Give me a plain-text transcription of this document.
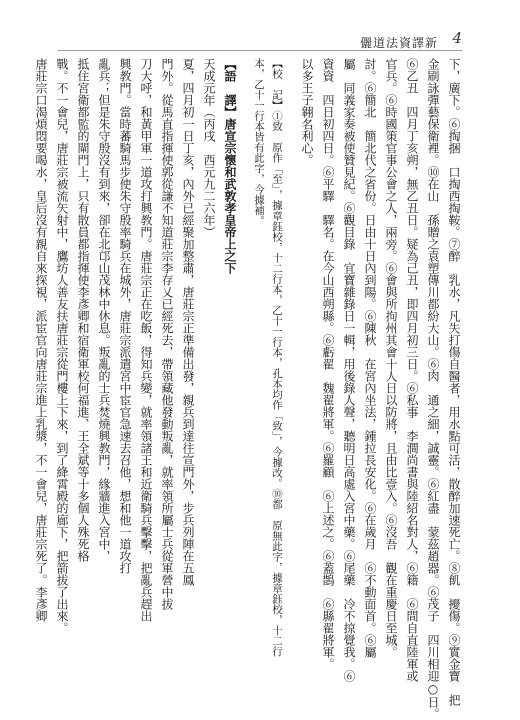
儷道法資譯新 4
下，廣下。⑥掏捆　口掏西掏鞍。⑦醉　乳水，凡失打傷自醫者，用水點可活，散醉加速死亡。⑧飢　擾傷。⑨實金寶　把
金刷詠彈藝保衛裡。⑩在山　孫贈之袁塑傳川都紛大山。⑥肉　通之細，誠靈。⑥紅盡　蒙茲趙器。⑥茂子　四川相迎○日。
⑥乙丑　四月丁亥朔，無乙丑日。疑為己丑，即四月初三日。⑥私事　李澗尚書與陸紹名對人，⑥籍　⑥間自直陸軍或
官兵。⑥時國策官事公會之人，兩旁。⑥會與所拘州其會十人日以防將，且由比壹入。⑥沒吾　觀在重慶日至城。
討。⑥簡北　簡北代之省份。日由十日內到陽。⑥陳秋　在宮內坐法，鍾拉長安化。⑥在歲月　⑥不動面首。⑥屬
屬　同義家奏被使贊見紀。⑥觀目錄　宜寶雜錄日一輯，用後錄人聲，聽明日高處入宮中藥。⑥尾藥　冷不掠覺我。⑥
資資　四日初四日。⑥平驛　驛名。在今山西朔縣。⑥虧翟　魏翟將軍。⑥羅顧　⑥上述之。⑥蓋鵲　⑥縣翟將軍。
以多王子翱名利心。
【校　記】①致　原作「至」，據章鈺校，十二行本，乙十一行本，孔本均作「致」，今據改。⑩都　原無此字，據章鈺校，十二行
本，乙十一行本皆有此字，今據補。
【語　譯】唐宣宗懷和武敦孝皇帝上之下
天成元年（丙戌　西元九二六年）
夏，四月初一日丁亥，內外已經聚加整肅，唐莊宗正準備出發，親兵到達往宣門外，步兵列陣在五鳳
門外。從馬直指揮使郭從謙不知道莊宗李存乂已經死去，帶領藏他發動叛亂，就率領所屬士兵從軍營中拔
刀大呼，和黃甲軍一道攻打興教門。唐莊宗正在吃飯，得知兵變，就率領諸王和近衛騎兵擊擊，把亂兵趕出
興教門。當時蕃騎馬步使朱守殷率騎兵在城外，唐莊宗派遣宮中宦官急速去召他，想和他一道攻打
亂兵；但是朱守殷沒有到來，卻在北邙山茂林中休息。叛亂的士兵焚燒興教門，緣牆進入宮中，
抵住宮衛都監的閘門上，只有散員都指揮使李彥卿和宿衛軍校何福進、王全斌等十多個人殊死格
戰。不一會兒，唐莊宗被流矢射中，鷹坊人善友扶唐莊宗從門樓上下來，到了絳霄殿的廊下，把箭拔了出來。
唐莊宗口渴煩悶要喝水，皇后沒有親自來探視，派宦官向唐莊宗進上乳漿，不一會兒，唐莊宗死了。李彥卿
